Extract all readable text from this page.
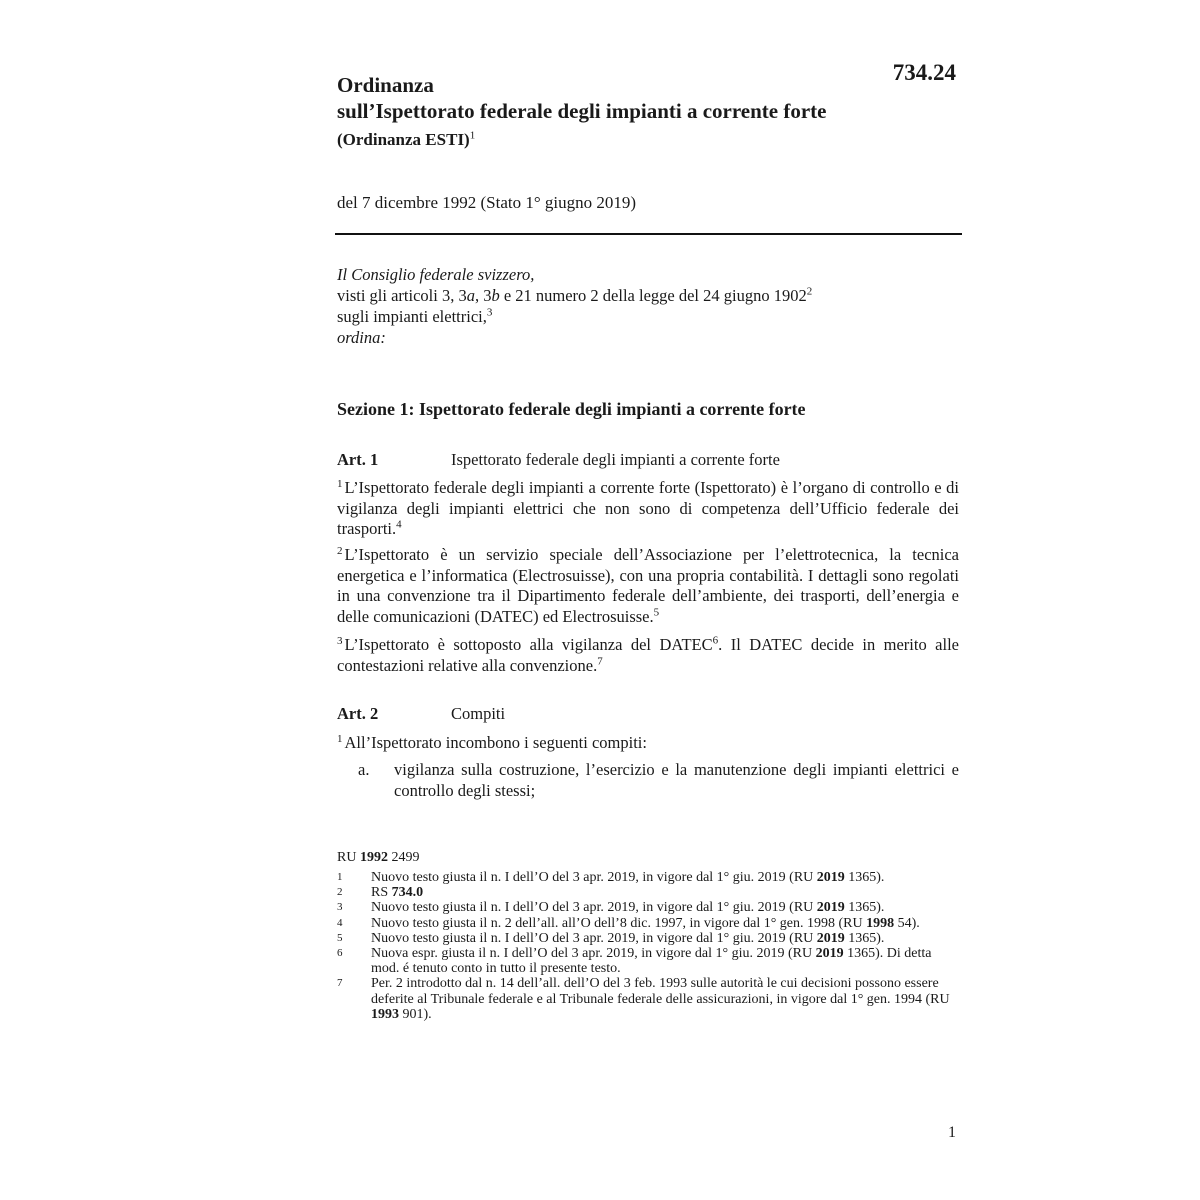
734.24
Ordinanza
sull’Ispettorato federale degli impianti a corrente forte
(Ordinanza ESTI)$^1$
del 7 dicembre 1992 (Stato 1° giugno 2019)
Il Consiglio federale svizzero,
visti gli articoli 3, 3a, 3b e 21 numero 2 della legge del 24 giugno 1902$^2$
sugli impianti elettrici,$^3$
ordina:
Sezione 1: Ispettorato federale degli impianti a corrente forte
Art. 1	Ispettorato federale degli impianti a corrente forte
$^1$ L’Ispettorato federale degli impianti a corrente forte (Ispettorato) è l’organo di controllo e di vigilanza degli impianti elettrici che non sono di competenza dell’Ufficio federale dei trasporti.$^4$
$^2$ L’Ispettorato è un servizio speciale dell’Associazione per l’elettrotecnica, la tecnica energetica e l’informatica (Electrosuisse), con una propria contabilità. I dettagli sono regolati in una convenzione tra il Dipartimento federale dell’ambiente, dei trasporti, dell’energia e delle comunicazioni (DATEC) ed Electrosuisse.$^5$
$^3$ L’Ispettorato è sottoposto alla vigilanza del DATEC$^6$. Il DATEC decide in merito alle contestazioni relative alla convenzione.$^7$
Art. 2	Compiti
$^1$ All’Ispettorato incombono i seguenti compiti:
a. vigilanza sulla costruzione, l’esercizio e la manutenzione degli impianti elettrici e controllo degli stessi;
RU 1992 2499
1	Nuovo testo giusta il n. I dell’O del 3 apr. 2019, in vigore dal 1° giu. 2019 (RU 2019 1365).
2	RS 734.0
3	Nuovo testo giusta il n. I dell’O del 3 apr. 2019, in vigore dal 1° giu. 2019 (RU 2019 1365).
4	Nuovo testo giusta il n. 2 dell’all. all’O dell’8 dic. 1997, in vigore dal 1° gen. 1998 (RU 1998 54).
5	Nuovo testo giusta il n. I dell’O del 3 apr. 2019, in vigore dal 1° giu. 2019 (RU 2019 1365).
6	Nuova espr. giusta il n. I dell’O del 3 apr. 2019, in vigore dal 1° giu. 2019 (RU 2019 1365). Di detta mod. é tenuto conto in tutto il presente testo.
7	Per. 2 introdotto dal n. 14 dell’all. dell’O del 3 feb. 1993 sulle autorità le cui decisioni possono essere deferite al Tribunale federale e al Tribunale federale delle assicurazioni, in vigore dal 1° gen. 1994 (RU 1993 901).
1
